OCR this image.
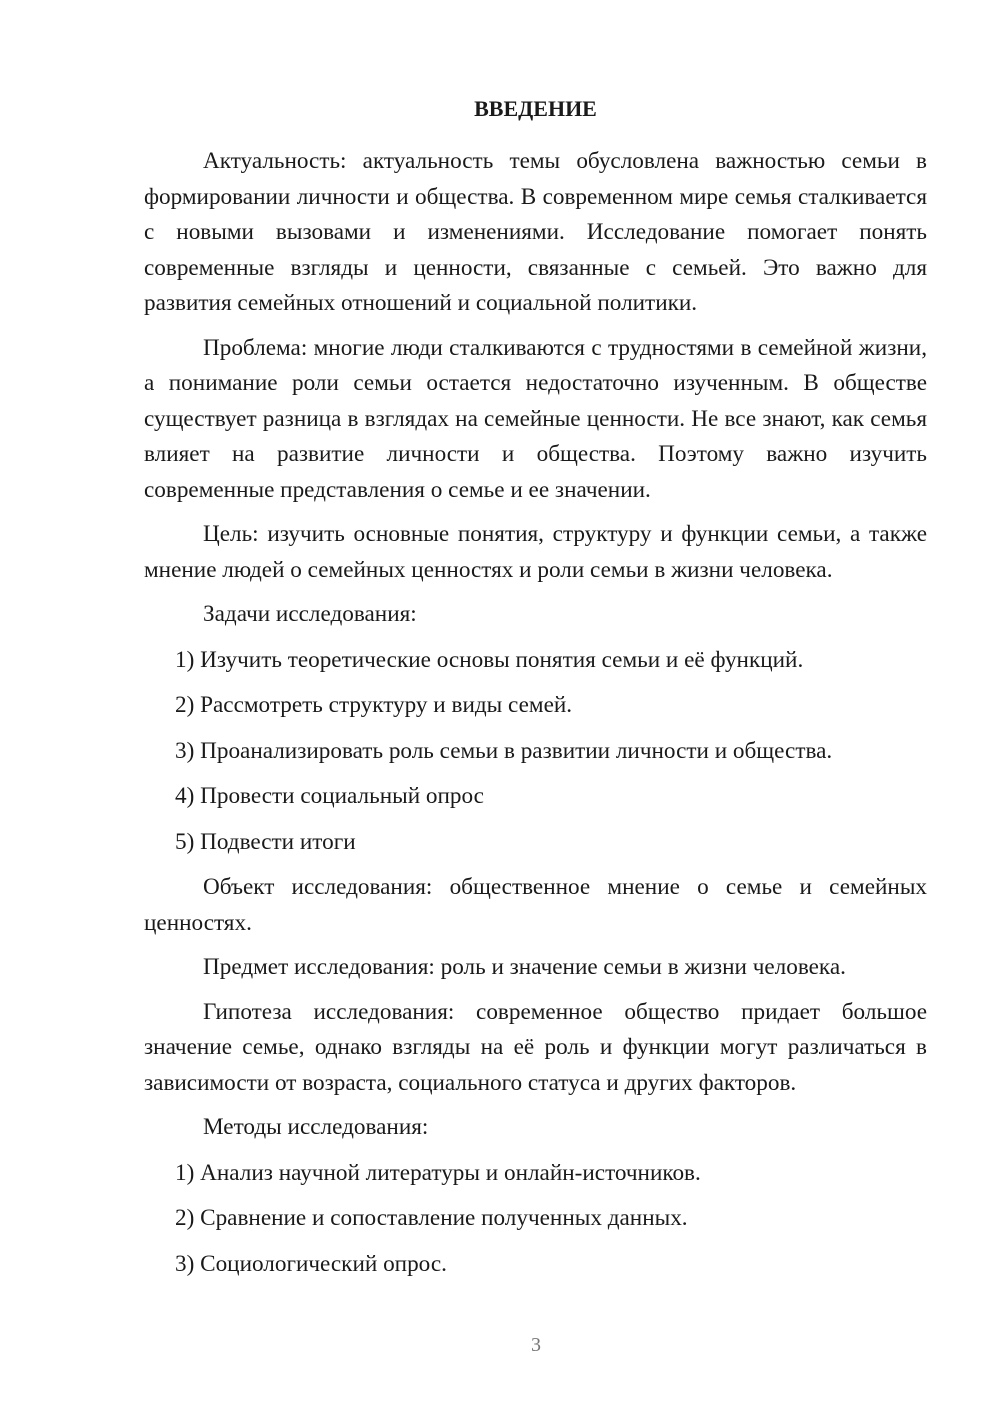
ВВЕДЕНИЕ

Актуальность: актуальность темы обусловлена важностью семьи в формировании личности и общества. В современном мире семья сталкивается с новыми вызовами и изменениями. Исследование помогает понять современные взгляды и ценности, связанные с семьей. Это важно для развития семейных отношений и социальной политики.

Проблема: многие люди сталкиваются с трудностями в семейной жизни, а понимание роли семьи остается недостаточно изученным. В обществе существует разница в взглядах на семейные ценности. Не все знают, как семья влияет на развитие личности и общества. Поэтому важно изучить современные представления о семье и ее значении.

Цель: изучить основные понятия, структуру и функции семьи, а также мнение людей о семейных ценностях и роли семьи в жизни человека.

Задачи исследования:

1) Изучить теоретические основы понятия семьи и её функций.

2) Рассмотреть структуру и виды семей.

3) Проанализировать роль семьи в развитии личности и общества.

4) Провести социальный опрос

5) Подвести итоги

Объект исследования: общественное мнение о семье и семейных ценностях.

Предмет исследования: роль и значение семьи в жизни человека.

Гипотеза исследования: современное общество придает большое значение семье, однако взгляды на её роль и функции могут различаться в зависимости от возраста, социального статуса и других факторов.

Методы исследования:

1) Анализ научной литературы и онлайн-источников.

2) Сравнение и сопоставление полученных данных.

3) Социологический опрос.

3
